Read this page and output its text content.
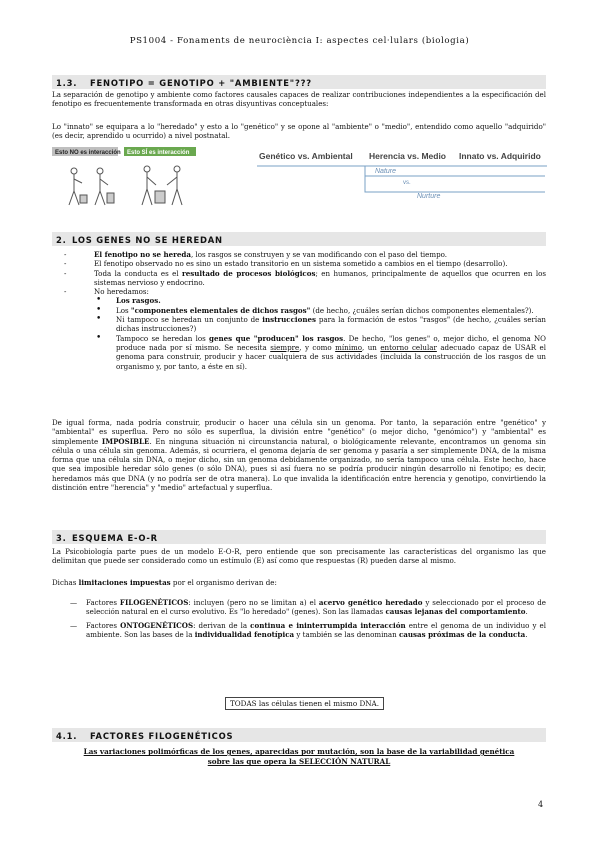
PS1004 - Fonaments de neurociència I: aspectes cel·lulars (biologia)
1.3. FENOTIPO = GENOTIPO + "AMBIENTE"???

La separación de genotipo y ambiente como factores causales capaces de realizar contribuciones independientes a la especificación del fenotipo es frecuentemente transformada en otras disyuntivas conceptuales:

Lo "innato" se equipara a lo "heredado" y esto a lo "genético" y se opone al "ambiente" o "medio", entendido como aquello "adquirido" (es decir, aprendido u ocurrido) a nivel postnatal.

Esto NO es interacción Esto SÍ es interacción	Genético vs. Ambiental Herencia vs. Medio Innato vs. Adquirido
Nature
vs.
Nurture
2. LOS GENES NO SE HEREDAN
- El fenotipo no se hereda, los rasgos se construyen y se van modificando con el paso del tiempo.
- El fenotipo observado no es sino un estado transitorio en un sistema sometido a cambios en el tiempo (desarrollo).
- Toda la conducta es el resultado de procesos biológicos; en humanos, principalmente de aquellos que ocurren en los sistemas nervioso y endocrino.
- No heredamos:
• Los rasgos.
• Los "componentes elementales de dichos rasgos" (de hecho, ¿cuáles serían dichos componentes elementales?).
• Ni tampoco se heredan un conjunto de instrucciones para la formación de estos "rasgos" (de hecho, ¿cuáles serían dichas instrucciones?)
• Tampoco se heredan los genes que "producen" los rasgos. De hecho, "los genes" o, mejor dicho, el genoma NO produce nada por sí mismo. Se necesita siempre, y como mínimo, un entorno celular adecuado capaz de USAR el genoma para construir, producir y hacer cualquiera de sus actividades (incluida la construcción de los rasgos de un organismo y, por tanto, a éste en sí).

De igual forma, nada podría construir, producir o hacer una célula sin un genoma. Por tanto, la separación entre "genético" y "ambiental" es superflua. Pero no sólo es superflua, la división entre "genético" (o mejor dicho, "genómico") y "ambiental" es simplemente IMPOSIBLE. En ninguna situación ni circunstancia natural, o biológicamente relevante, encontramos un genoma sin célula o una célula sin genoma. Además, si ocurriera, el genoma dejaría de ser genoma y pasaría a ser simplemente DNA, de la misma forma que una célula sin DNA, o mejor dicho, sin un genoma debidamente organizado, no sería tampoco una célula. Este hecho, hace que sea imposible heredar sólo genes (o sólo DNA), pues si así fuera no se podría producir ningún desarrollo ni fenotipo; es decir, heredamos más que DNA (y no podría ser de otra manera). Lo que invalida la identificación entre herencia y genotipo, convirtiendo la distinción entre "herencia" y "medio" artefactual y superflua.

3. ESQUEMA E-O-R

La Psicobiología parte pues de un modelo E-O-R, pero entiende que son precisamente las características del organismo las que delimitan que puede ser considerado como un estímulo (E) así como que respuestas (R) pueden darse al mismo.

Dichas limitaciones impuestas por el organismo derivan de:

— Factores FILOGENÉTICOS: incluyen (pero no se limitan a) el acervo genético heredado y seleccionado por el proceso de selección natural en el curso evolutivo. Es "lo heredado" (genes). Son las llamadas causas lejanas del comportamiento.
— Factores ONTOGENÉTICOS: derivan de la continua e ininterrumpida interacción entre el genoma de un individuo y el ambiente. Son las bases de la individualidad fenotípica y también se las denominan causas próximas de la conducta.
TODAS las células tienen el mismo DNA.
4.1. FACTORES FILOGENÉTICOS
Las variaciones polimórficas de los genes, aparecidas por mutación, son la base de la variabilidad genética
sobre las que opera la SELECCIÓN NATURAL
4
